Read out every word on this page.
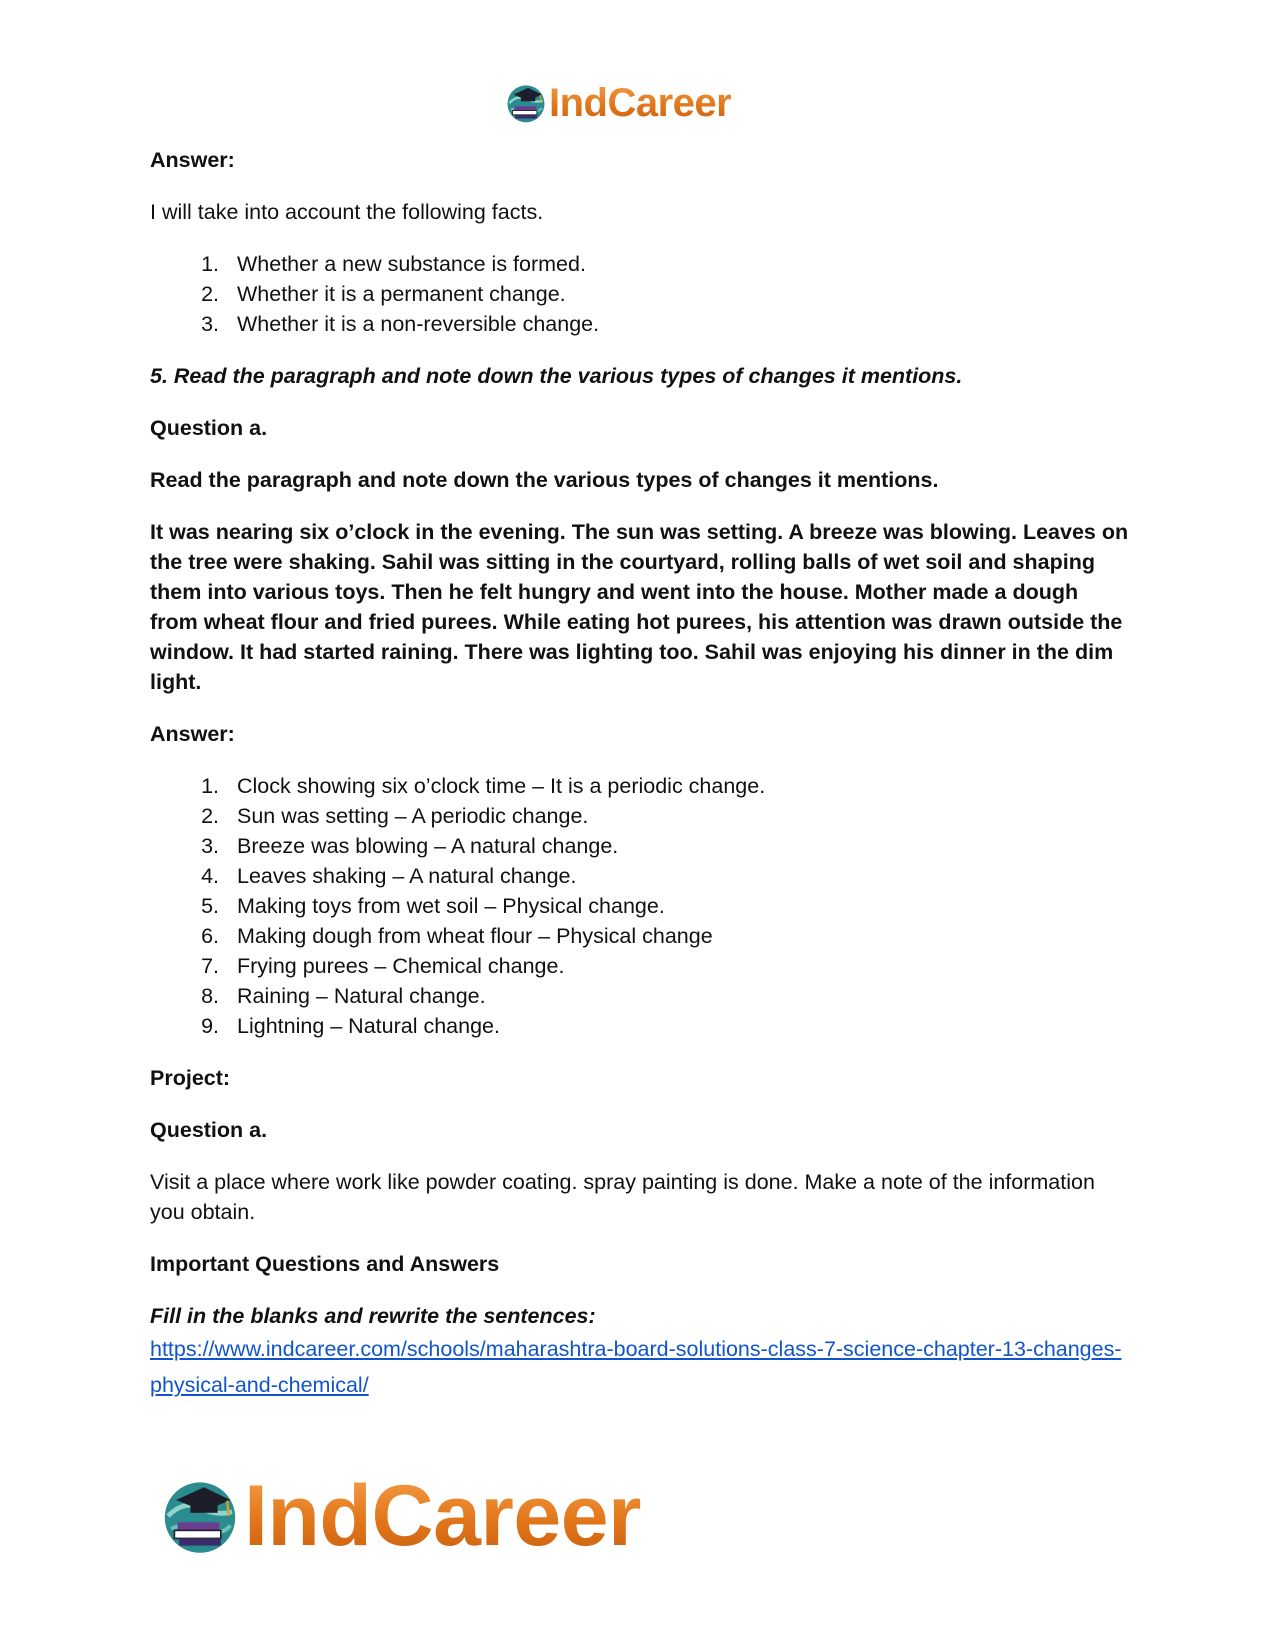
IndCareer

Answer:

I will take into account the following facts.

1. Whether a new substance is formed.
2. Whether it is a permanent change.
3. Whether it is a non-reversible change.

5. Read the paragraph and note down the various types of changes it mentions.

Question a.

Read the paragraph and note down the various types of changes it mentions.

It was nearing six o’clock in the evening. The sun was setting. A breeze was blowing. Leaves on the tree were shaking. Sahil was sitting in the courtyard, rolling balls of wet soil and shaping them into various toys. Then he felt hungry and went into the house. Mother made a dough from wheat flour and fried purees. While eating hot purees, his attention was drawn outside the window. It had started raining. There was lighting too. Sahil was enjoying his dinner in the dim light.

Answer:

1. Clock showing six o’clock time – It is a periodic change.
2. Sun was setting – A periodic change.
3. Breeze was blowing – A natural change.
4. Leaves shaking – A natural change.
5. Making toys from wet soil – Physical change.
6. Making dough from wheat flour – Physical change
7. Frying purees – Chemical change.
8. Raining – Natural change.
9. Lightning – Natural change.

Project:

Question a.

Visit a place where work like powder coating. spray painting is done. Make a note of the information you obtain.

Important Questions and Answers

Fill in the blanks and rewrite the sentences:

https://www.indcareer.com/schools/maharashtra-board-solutions-class-7-science-chapter-13-changes-physical-and-chemical/
IndCareer
